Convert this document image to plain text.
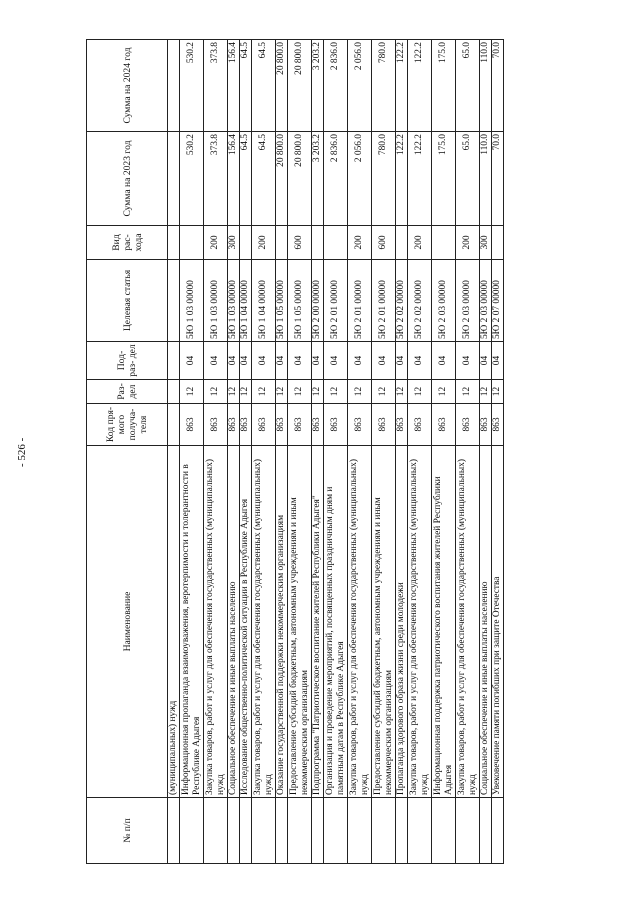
- 526 -
№ п/п	Наименование	Код пря- мого получа- теля	Раз- дел	Под- раз- дел	Целевая статья	Вид рас- хода	Сумма на 2023 год	Сумма на 2024 год
	(муниципальных) нужд							
	Информационная пропаганда взаимоуважения, веротерпимости и толерантности в Республике Адыгея	863	12	04	5Ю 1 03 00000		530.2	530.2
	Закупка товаров, работ и услуг для обеспечения государственных (муниципальных) нужд	863	12	04	5Ю 1 03 00000	200	373.8	373.8
	Социальное обеспечение и иные выплаты населению	863	12	04	5Ю 1 03 00000	300	156.4	156.4
	Исследование общественно-политической ситуации в Республике Адыгея	863	12	04	5Ю 1 04 00000		64.5	64.5
	Закупка товаров, работ и услуг для обеспечения государственных (муниципальных) нужд	863	12	04	5Ю 1 04 00000	200	64.5	64.5
	Оказание государственной поддержки некоммерческим организациям	863	12	04	5Ю 1 05 00000		20 800.0	20 800.0
	Предоставление субсидий бюджетным, автономным учреждениям и иным некоммерческим организациям	863	12	04	5Ю 1 05 00000	600	20 800.0	20 800.0
	Подпрограмма "Патриотическое воспитание жителей Республики Адыгея"	863	12	04	5Ю 2 00 00000		3 203.2	3 203.2
	Организация и проведение мероприятий, посвященных праздничным дням и памятным датам в Республике Адыгея	863	12	04	5Ю 2 01 00000		2 836.0	2 836.0
	Закупка товаров, работ и услуг для обеспечения государственных (муниципальных) нужд	863	12	04	5Ю 2 01 00000	200	2 056.0	2 056.0
	Предоставление субсидий бюджетным, автономным учреждениям и иным некоммерческим организациям	863	12	04	5Ю 2 01 00000	600	780.0	780.0
	Пропаганда здорового образа жизни среди молодежи	863	12	04	5Ю 2 02 00000		122.2	122.2
	Закупка товаров, работ и услуг для обеспечения государственных (муниципальных) нужд	863	12	04	5Ю 2 02 00000	200	122.2	122.2
	Информационная поддержка патриотического воспитания жителей Республики Адыгея	863	12	04	5Ю 2 03 00000		175.0	175.0
	Закупка товаров, работ и услуг для обеспечения государственных (муниципальных) нужд	863	12	04	5Ю 2 03 00000	200	65.0	65.0
	Социальное обеспечение и иные выплаты населению	863	12	04	5Ю 2 03 00000	300	110.0	110.0
	Увековечение памяти погибших при защите Отечества	863	12	04	5Ю 2 07 00000		70.0	70.0
